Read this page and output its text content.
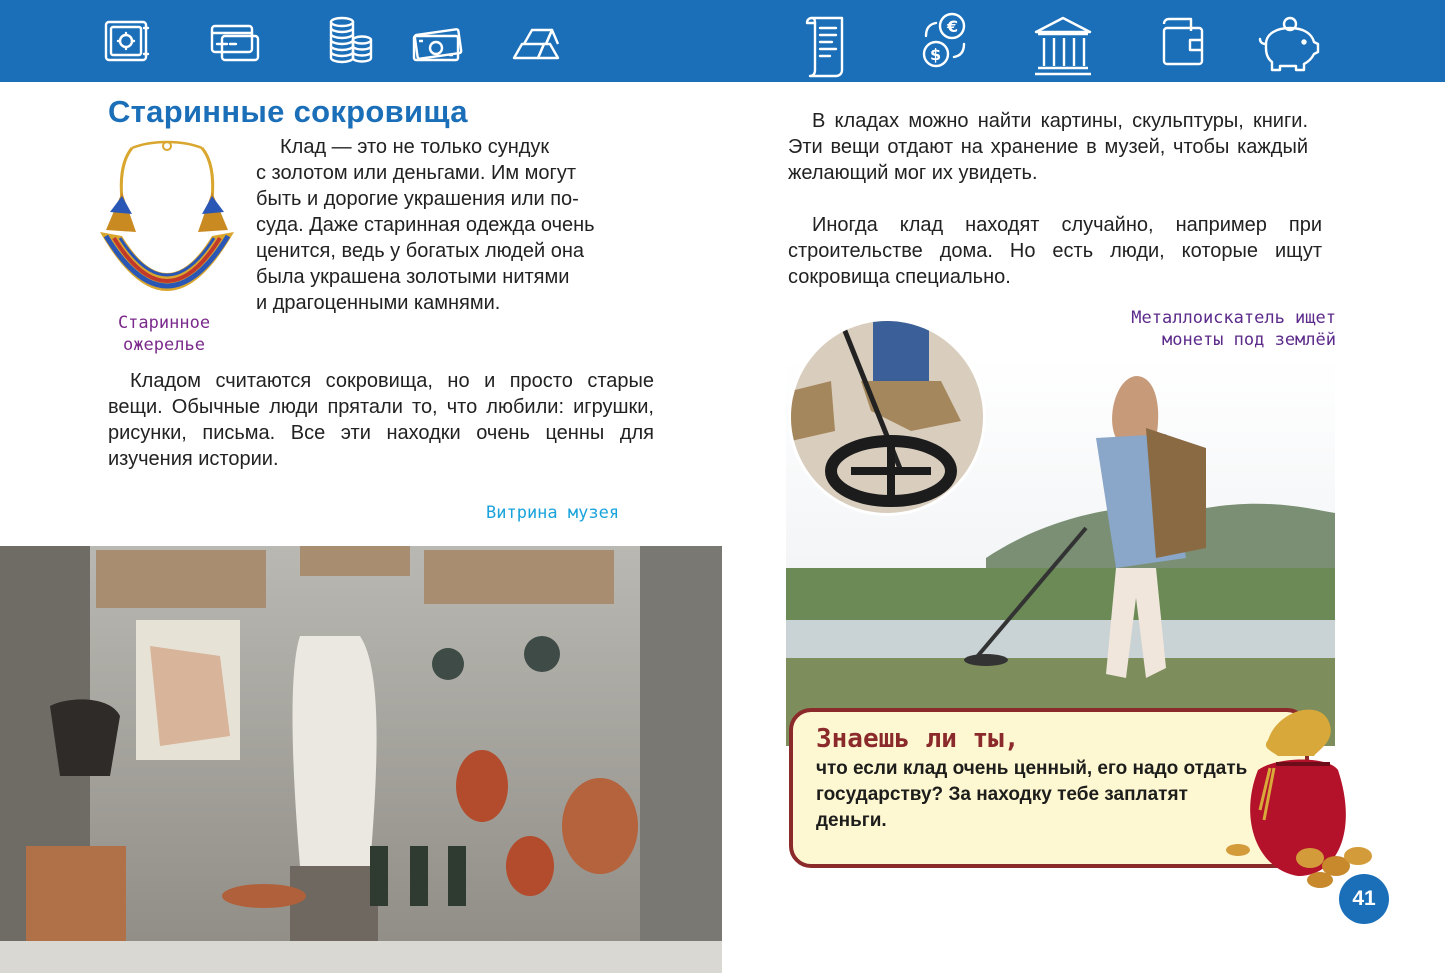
€
$
Старинные сокровища
Клад — это не только сундук
с золотом или деньгами. Им могут
быть и дорогие украшения или по-
суда. Даже старинная одежда очень
ценится, ведь у богатых людей она
была украшена золотыми нитями
и драгоценными камнями.
Старинное
ожерелье

Кладом считаются сокровища, но и просто старые вещи. Обычные люди прятали то, что любили: игрушки, рисунки, письма. Все эти находки очень ценны для изучения истории.

Витрина музея

В кладах можно найти картины, скульптуры, книги. Эти вещи отдают на хранение в музей, чтобы каждый желающий мог их увидеть.

Иногда клад находят случайно, например при строительстве дома. Но есть люди, которые ищут сокровища специально.

Металлоискатель ищет
монеты под землёй
Знаешь ли ты,

что если клад очень ценный, его надо отдать государству? За находку тебе заплатят деньги.

41
